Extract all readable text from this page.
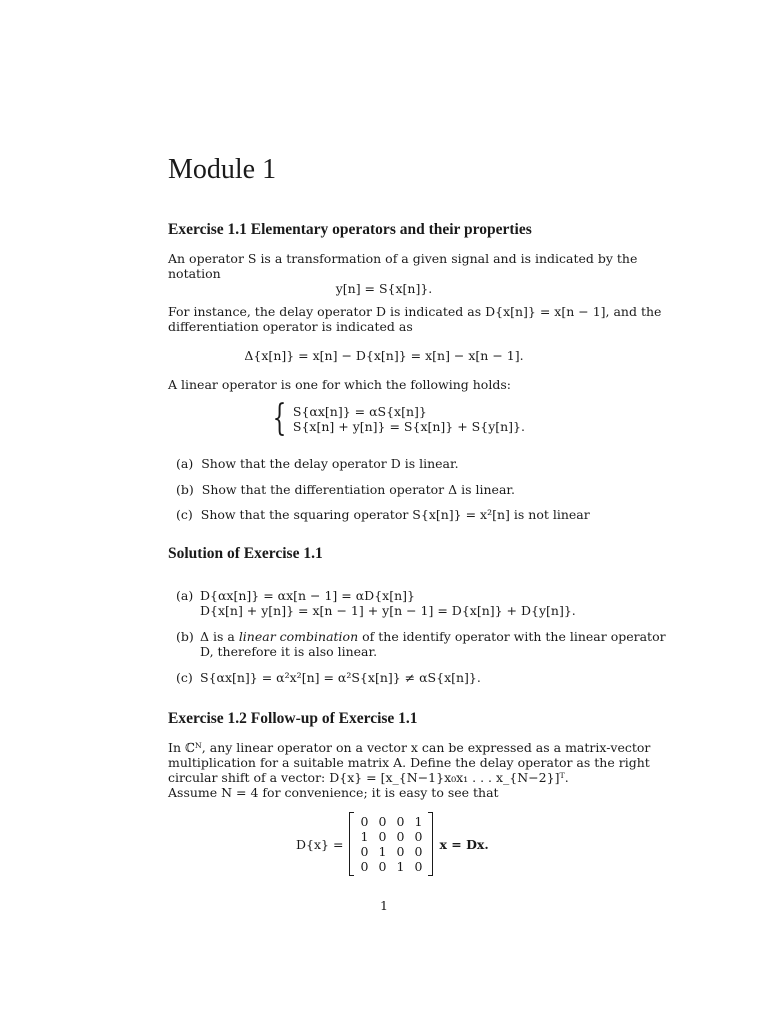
Module 1
Exercise 1.1 Elementary operators and their properties
An operator S is a transformation of a given signal and is indicated by the
notation
y[n] = S{x[n]}.
For instance, the delay operator D is indicated as D{x[n]} = x[n − 1], and the
differentiation operator is indicated as
Δ{x[n]} = x[n] − D{x[n]} = x[n] − x[n − 1].
A linear operator is one for which the following holds:
{ S{αx[n]} = αS{x[n]}
S{x[n] + y[n]} = S{x[n]} + S{y[n]}.
(a) Show that the delay operator D is linear.
(b) Show that the differentiation operator Δ is linear.
(c) Show that the squaring operator S{x[n]} = x²[n] is not linear
Solution of Exercise 1.1
(a) D{αx[n]} = αx[n − 1] = αD{x[n]}
D{x[n] + y[n]} = x[n − 1] + y[n − 1] = D{x[n]} + D{y[n]}.
(b) Δ is a linear combination of the identify operator with the linear operator
D, therefore it is also linear.
(c) S{αx[n]} = α²x²[n] = α²S{x[n]} ≠ αS{x[n]}.
Exercise 1.2 Follow-up of Exercise 1.1
In ℂᴺ, any linear operator on a vector x can be expressed as a matrix-vector
multiplication for a suitable matrix A. Define the delay operator as the right
circular shift of a vector: D{x} = [x_{N−1}x₀x₁ . . . x_{N−2}]ᵀ.
Assume N = 4 for convenience; it is easy to see that
D{x} =
0 0 0 1
1 0 0 0
0 1 0 0
0 0 1 0
x = Dx.
1
